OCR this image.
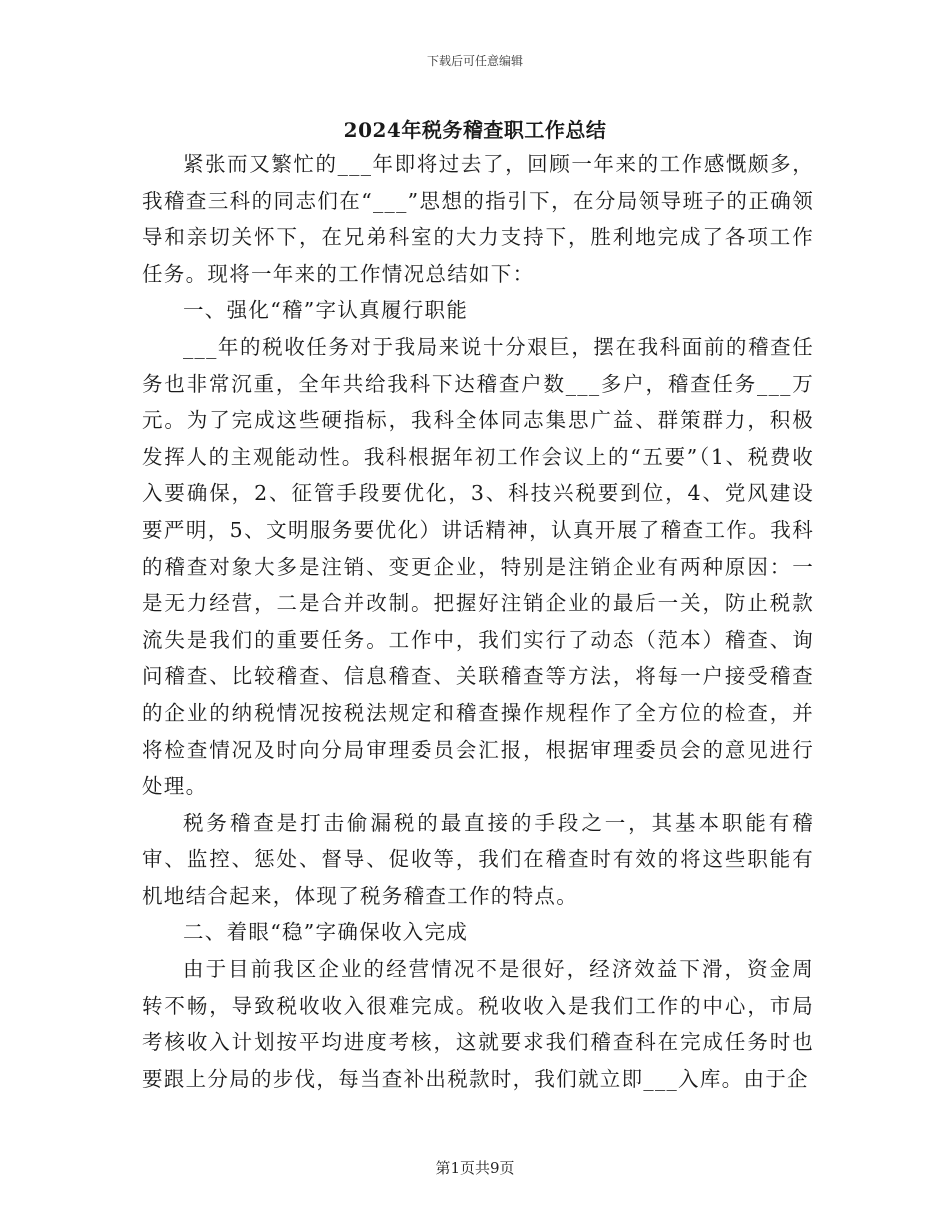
下载后可任意编辑
2024年税务稽查职工作总结

紧张而又繁忙的___年即将过去了，回顾一年来的工作感慨颇多，我稽查三科的同志们在“___”思想的指引下，在分局领导班子的正确领导和亲切关怀下，在兄弟科室的大力支持下，胜利地完成了各项工作任务。现将一年来的工作情况总结如下：

一、强化“稽”字认真履行职能

___年的税收任务对于我局来说十分艰巨，摆在我科面前的稽查任务也非常沉重，全年共给我科下达稽查户数___多户，稽查任务___万元。为了完成这些硬指标，我科全体同志集思广益、群策群力，积极发挥人的主观能动性。我科根据年初工作会议上的“五要”（1、税费收入要确保，2、征管手段要优化，3、科技兴税要到位，4、党风建设要严明，5、文明服务要优化）讲话精神，认真开展了稽查工作。我科的稽查对象大多是注销、变更企业，特别是注销企业有两种原因：一是无力经营，二是合并改制。把握好注销企业的最后一关，防止税款流失是我们的重要任务。工作中，我们实行了动态（范本）稽查、询问稽查、比较稽查、信息稽查、关联稽查等方法，将每一户接受稽查的企业的纳税情况按税法规定和稽查操作规程作了全方位的检查，并将检查情况及时向分局审理委员会汇报，根据审理委员会的意见进行处理。

税务稽查是打击偷漏税的最直接的手段之一，其基本职能有稽审、监控、惩处、督导、促收等，我们在稽查时有效的将这些职能有机地结合起来，体现了税务稽查工作的特点。

二、着眼“稳”字确保收入完成

由于目前我区企业的经营情况不是很好，经济效益下滑，资金周转不畅，导致税收收入很难完成。税收收入是我们工作的中心，市局考核收入计划按平均进度考核，这就要求我们稽查科在完成任务时也要跟上分局的步伐，每当查补出税款时，我们就立即___入库。由于企

第1页共9页
